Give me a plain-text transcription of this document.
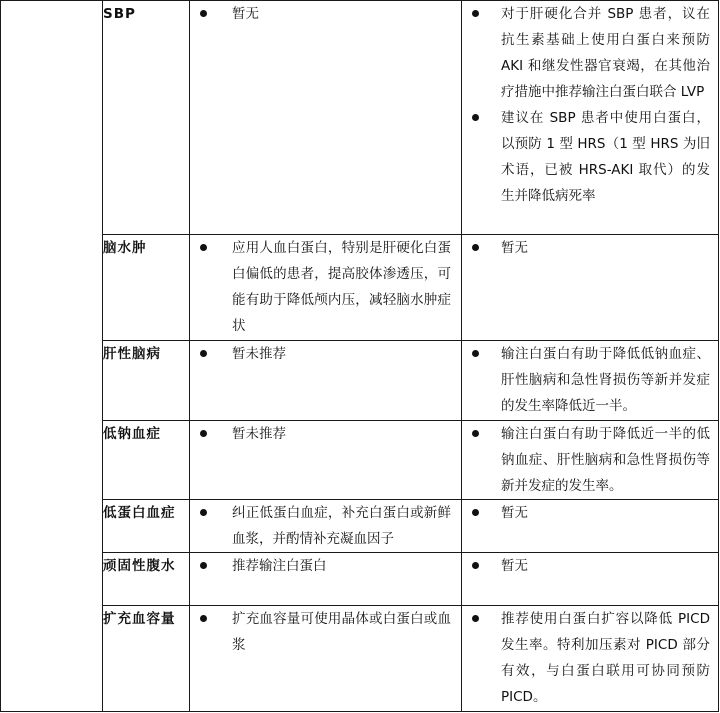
	SBP	暂无	对于肝硬化合并 SBP 患者，议在抗生素基础上使用白蛋白来预防 AKI 和继发性器官衰竭，在其他治疗措施中推荐输注白蛋白联合 LVP
建议在 SBP 患者中使用白蛋白，以预防 1 型 HRS（1 型 HRS 为旧术语，已被 HRS-AKI 取代）的发生并降低病死率

	脑水肿	应用人血白蛋白，特别是肝硬化白蛋白偏低的患者，提高胶体渗透压，可能有助于降低颅内压，减轻脑水肿症状	暂无

	肝性脑病	暂未推荐	输注白蛋白有助于降低低钠血症、肝性脑病和急性肾损伤等新并发症的发生率降低近一半。

	低钠血症	暂未推荐	输注白蛋白有助于降低近一半的低钠血症、肝性脑病和急性肾损伤等新并发症的发生率。

	低蛋白血症	纠正低蛋白血症，补充白蛋白或新鲜血浆，并酌情补充凝血因子	暂无

	顽固性腹水	推荐输注白蛋白	暂无

	扩充血容量	扩充血容量可使用晶体或白蛋白或血浆	推荐使用白蛋白扩容以降低 PICD 发生率。特利加压素对 PICD 部分有效，与白蛋白联用可协同预防 PICD。
